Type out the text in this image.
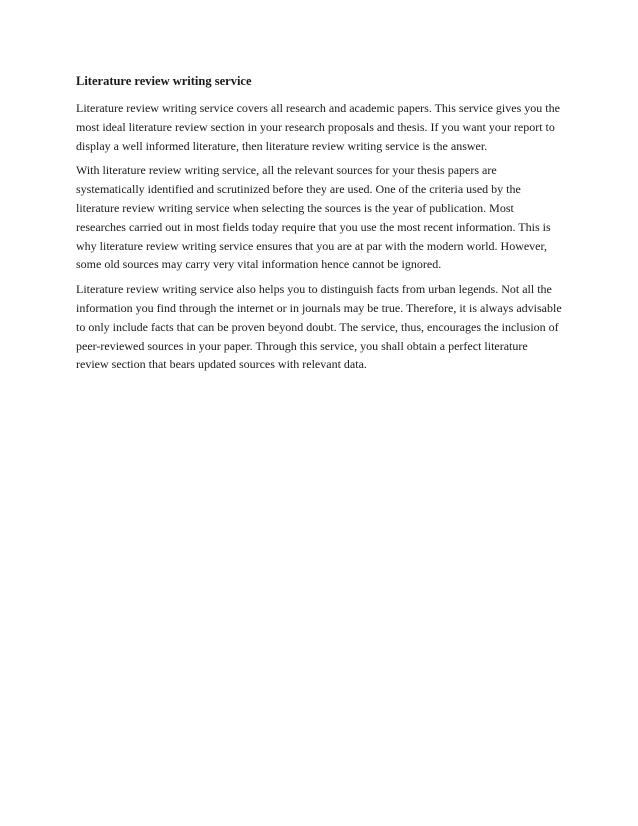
Literature review writing service

Literature review writing service covers all research and academic papers. This service gives you the most ideal literature review section in your research proposals and thesis. If you want your report to display a well informed literature, then literature review writing service is the answer.

With literature review writing service, all the relevant sources for your thesis papers are systematically identified and scrutinized before they are used. One of the criteria used by the literature review writing service when selecting the sources is the year of publication. Most researches carried out in most fields today require that you use the most recent information. This is why literature review writing service ensures that you are at par with the modern world. However, some old sources may carry very vital information hence cannot be ignored.

Literature review writing service also helps you to distinguish facts from urban legends. Not all the information you find through the internet or in journals may be true. Therefore, it is always advisable to only include facts that can be proven beyond doubt. The service, thus, encourages the inclusion of peer-reviewed sources in your paper. Through this service, you shall obtain a perfect literature review section that bears updated sources with relevant data.
